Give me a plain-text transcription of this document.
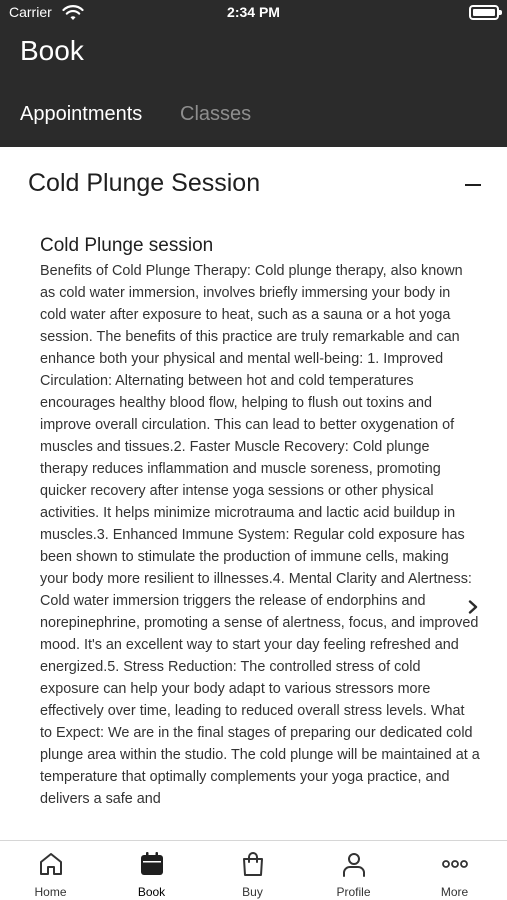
Carrier	2:34 PM
Book
Appointments Classes
Cold Plunge Session
Cold Plunge session
Benefits of Cold Plunge Therapy: Cold plunge therapy, also known as cold water immersion, involves briefly immersing your body in cold water after exposure to heat, such as a sauna or a hot yoga session. The benefits of this practice are truly remarkable and can enhance both your physical and mental well-being: 1. Improved Circulation: Alternating between hot and cold temperatures encourages healthy blood flow, helping to flush out toxins and improve overall circulation. This can lead to better oxygenation of muscles and tissues.2. Faster Muscle Recovery: Cold plunge therapy reduces inflammation and muscle soreness, promoting quicker recovery after intense yoga sessions or other physical activities. It helps minimize microtrauma and lactic acid buildup in muscles.3. Enhanced Immune System: Regular cold exposure has been shown to stimulate the production of immune cells, making your body more resilient to illnesses.4. Mental Clarity and Alertness: Cold water immersion triggers the release of endorphins and norepinephrine, promoting a sense of alertness, focus, and improved mood. It's an excellent way to start your day feeling refreshed and energized.5. Stress Reduction: The controlled stress of cold exposure can help your body adapt to various stressors more effectively over time, leading to reduced overall stress levels. What to Expect: We are in the final stages of preparing our dedicated cold plunge area within the studio. The cold plunge will be maintained at a temperature that optimally complements your yoga practice, and delivers a safe and
Home	Book	Buy	Profile	More
